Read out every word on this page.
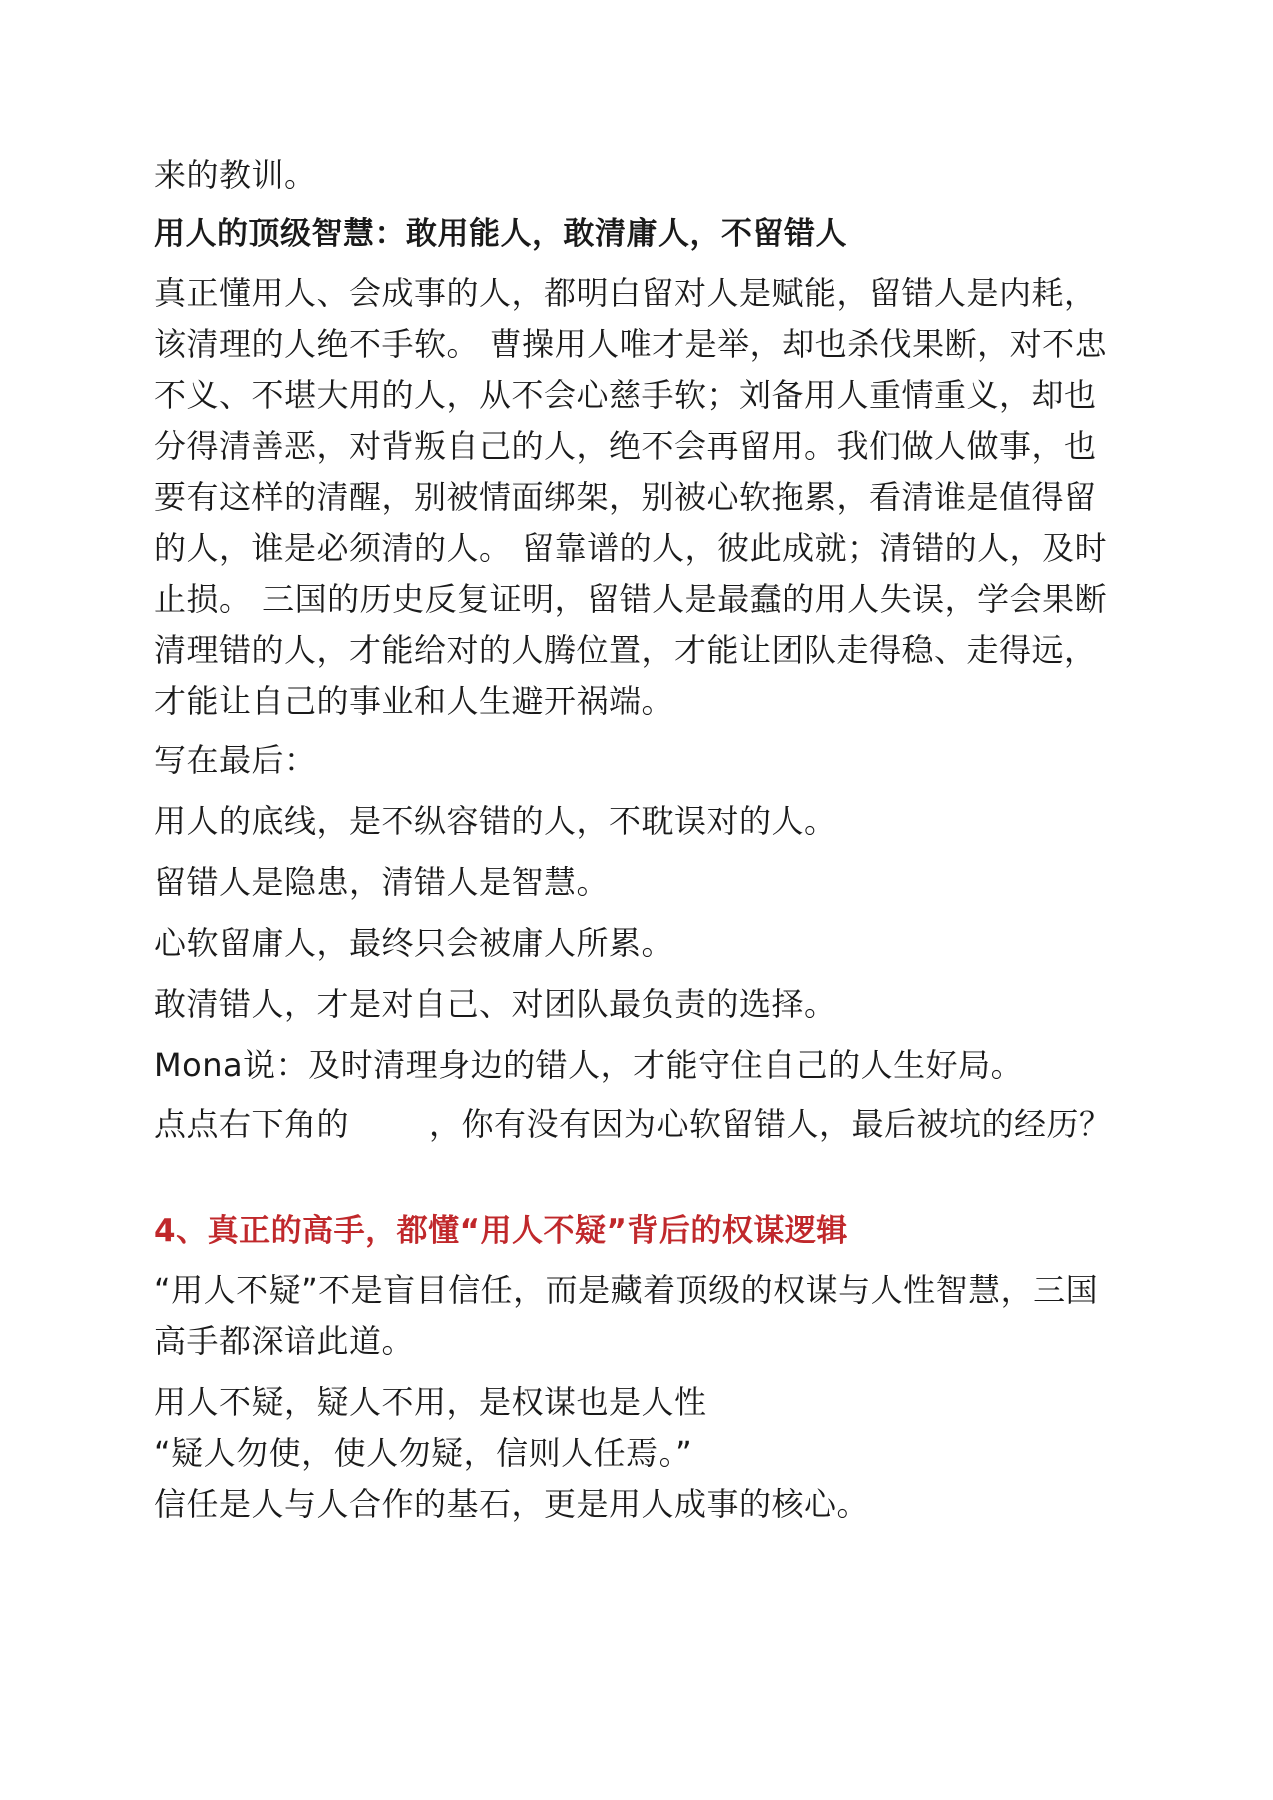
来的教训。

用人的顶级智慧：敢用能人，敢清庸人，不留错人

真正懂用人、会成事的人，都明白留对人是赋能，留错人是内耗，该清理的人绝不手软。 曹操用人唯才是举，却也杀伐果断，对不忠不义、不堪大用的人，从不会心慈手软；刘备用人重情重义，却也分得清善恶，对背叛自己的人，绝不会再留用。我们做人做事，也要有这样的清醒，别被情面绑架，别被心软拖累，看清谁是值得留的人，谁是必须清的人。 留靠谱的人，彼此成就；清错的人，及时止损。 三国的历史反复证明，留错人是最蠢的用人失误，学会果断清理错的人，才能给对的人腾位置，才能让团队走得稳、走得远，才能让自己的事业和人生避开祸端。

写在最后：

用人的底线，是不纵容错的人，不耽误对的人。

留错人是隐患，清错人是智慧。

心软留庸人，最终只会被庸人所累。

敢清错人，才是对自己、对团队最负责的选择。

Mona说：及时清理身边的错人，才能守住自己的人生好局。

点点右下角的	，你有没有因为心软留错人，最后被坑的经历？

4、真正的高手，都懂“用人不疑”背后的权谋逻辑

“用人不疑”不是盲目信任，而是藏着顶级的权谋与人性智慧，三国高手都深谙此道。

用人不疑，疑人不用，是权谋也是人性

“疑人勿使，使人勿疑，信则人任焉。”

信任是人与人合作的基石，更是用人成事的核心。
